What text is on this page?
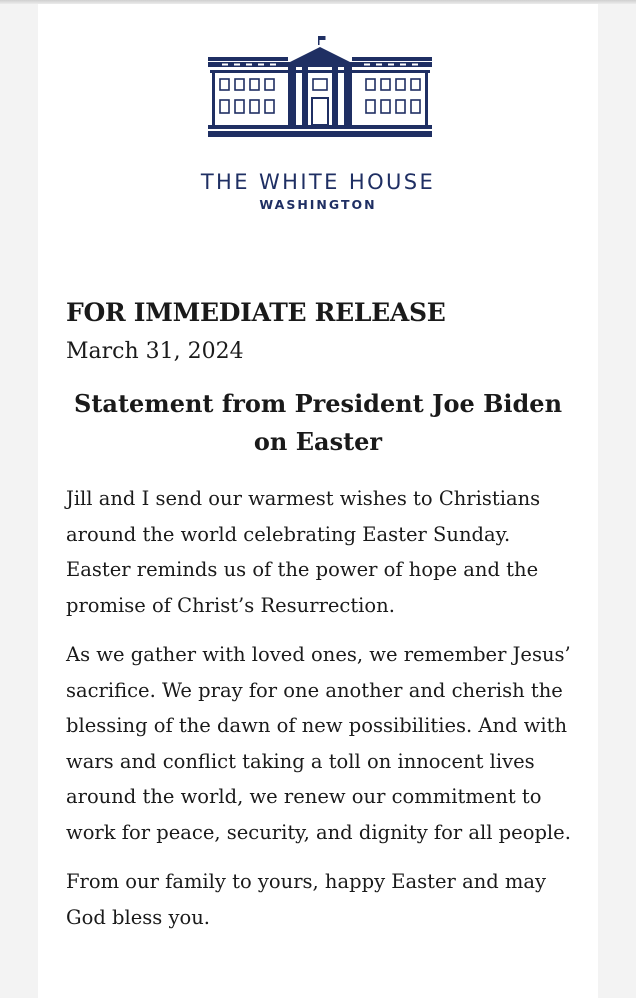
THE WHITE HOUSE
WASHINGTON
FOR IMMEDIATE RELEASE
March 31, 2024
Statement from President Joe Biden on Easter

Jill and I send our warmest wishes to Christians around the world celebrating Easter Sunday. Easter reminds us of the power of hope and the promise of Christ’s Resurrection.

As we gather with loved ones, we remember Jesus’ sacrifice. We pray for one another and cherish the blessing of the dawn of new possibilities. And with wars and conflict taking a toll on innocent lives around the world, we renew our commitment to work for peace, security, and dignity for all people.

From our family to yours, happy Easter and may God bless you.
